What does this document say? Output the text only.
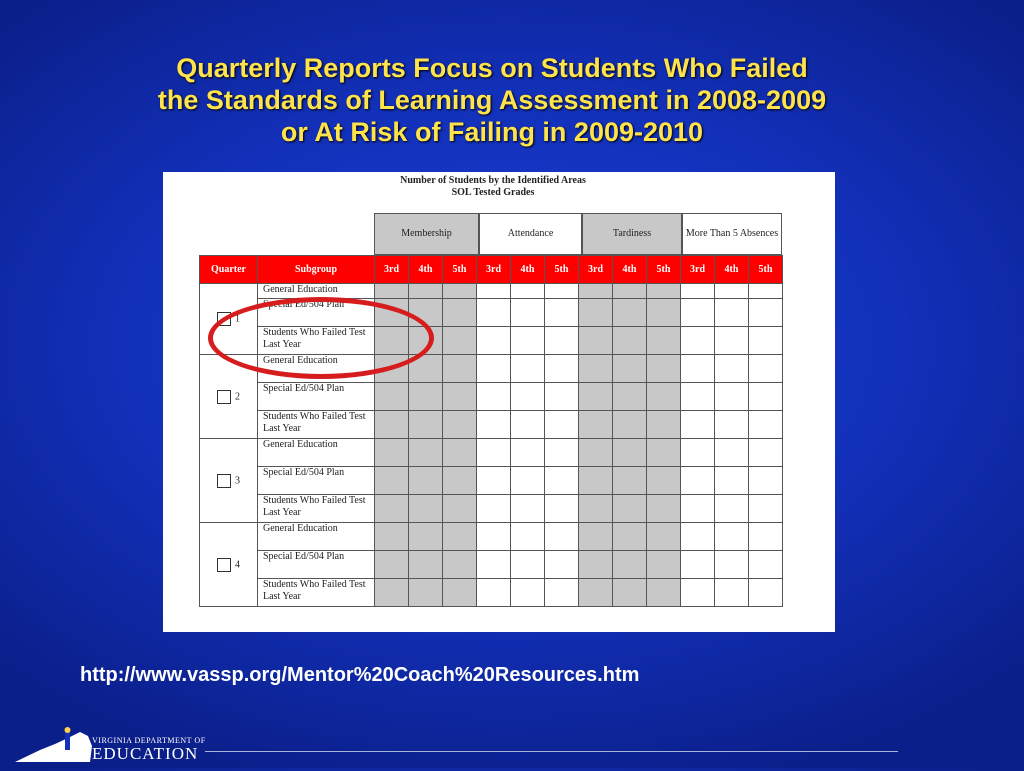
Quarterly Reports Focus on Students Who Failed
the Standards of Learning Assessment in 2008-2009
or At Risk of Failing in 2009-2010
Number of Students by the Identified Areas
SOL Tested Grades
Membership	Attendance	Tardiness	More Than 5 Absences
Quarter	Subgroup	3rd	4th	5th	3rd	4th	5th	3rd	4th	5th	3rd	4th	5th
1	General Education												
	Special Ed/504 Plan												
	Students Who Failed Test Last Year												
2	General Education												
	Special Ed/504 Plan												
	Students Who Failed Test Last Year												
3	General Education												
	Special Ed/504 Plan												
	Students Who Failed Test Last Year												
4	General Education												
	Special Ed/504 Plan												
	Students Who Failed Test Last Year												
http://www.vassp.org/Mentor%20Coach%20Resources.htm
VIRGINIA DEPARTMENT OF
EDUCATION
